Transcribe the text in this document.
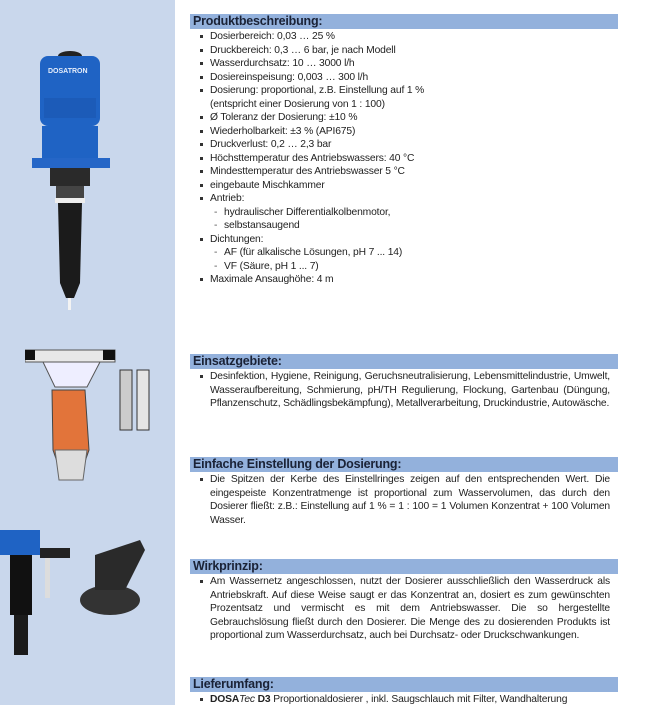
DOSATRON
Produktbeschreibung:
Dosierbereich: 0,03 … 25 %
Druckbereich: 0,3 … 6 bar, je nach Modell
Wasserdurchsatz: 10 … 3000 l/h
Dosiereinspeisung: 0,003 … 300 l/h
Dosierung: proportional, z.B. Einstellung auf 1 %
(entspricht einer Dosierung von 1 : 100)
Ø Toleranz der Dosierung: ±10 %
Wiederholbarkeit: ±3 % (API675)
Druckverlust: 0,2 … 2,3 bar
Höchsttemperatur des Antriebswassers: 40 °C
Mindesttemperatur des Antriebswasser 5 °C
eingebaute Mischkammer
Antrieb:
- hydraulischer Differentialkolbenmotor,
- selbstansaugend
Dichtungen:
- AF (für alkalische Lösungen, pH 7 ... 14)
- VF (Säure, pH 1 ... 7)
Maximale Ansaughöhe: 4 m
Einsatzgebiete:
Desinfektion, Hygiene, Reinigung, Geruchsneutralisierung, Lebensmittelindustrie, Umwelt, Wasseraufbereitung, Schmierung, pH/TH Regulierung, Flockung, Gartenbau (Düngung, Pflanzenschutz, Schädlingsbekämpfung), Metallverarbeitung, Druckindustrie, Autowäsche.
Einfache Einstellung der Dosierung:
Die Spitzen der Kerbe des Einstellringes zeigen auf den entsprechenden Wert. Die eingespeiste Konzentratmenge ist proportional zum Wasservolumen, das durch den Dosierer fließt: z.B.: Einstellung auf 1 % = 1 : 100 = 1 Volumen Konzentrat + 100 Volumen Wasser.
Wirkprinzip:
Am Wassernetz angeschlossen, nutzt der Dosierer ausschließlich den Wasserdruck als Antriebskraft. Auf diese Weise saugt er das Konzentrat an, dosiert es zum gewünschten Prozentsatz und vermischt es mit dem Antriebswasser. Die so hergestellte Gebrauchslösung fließt durch den Dosierer. Die Menge des zu dosierenden Produkts ist proportional zum Wasserdurchsatz, auch bei Durchsatz- oder Druckschwankungen.
Lieferumfang:
DOSATec D3 Proportionaldosierer , inkl. Saugschlauch mit Filter, Wandhalterung
